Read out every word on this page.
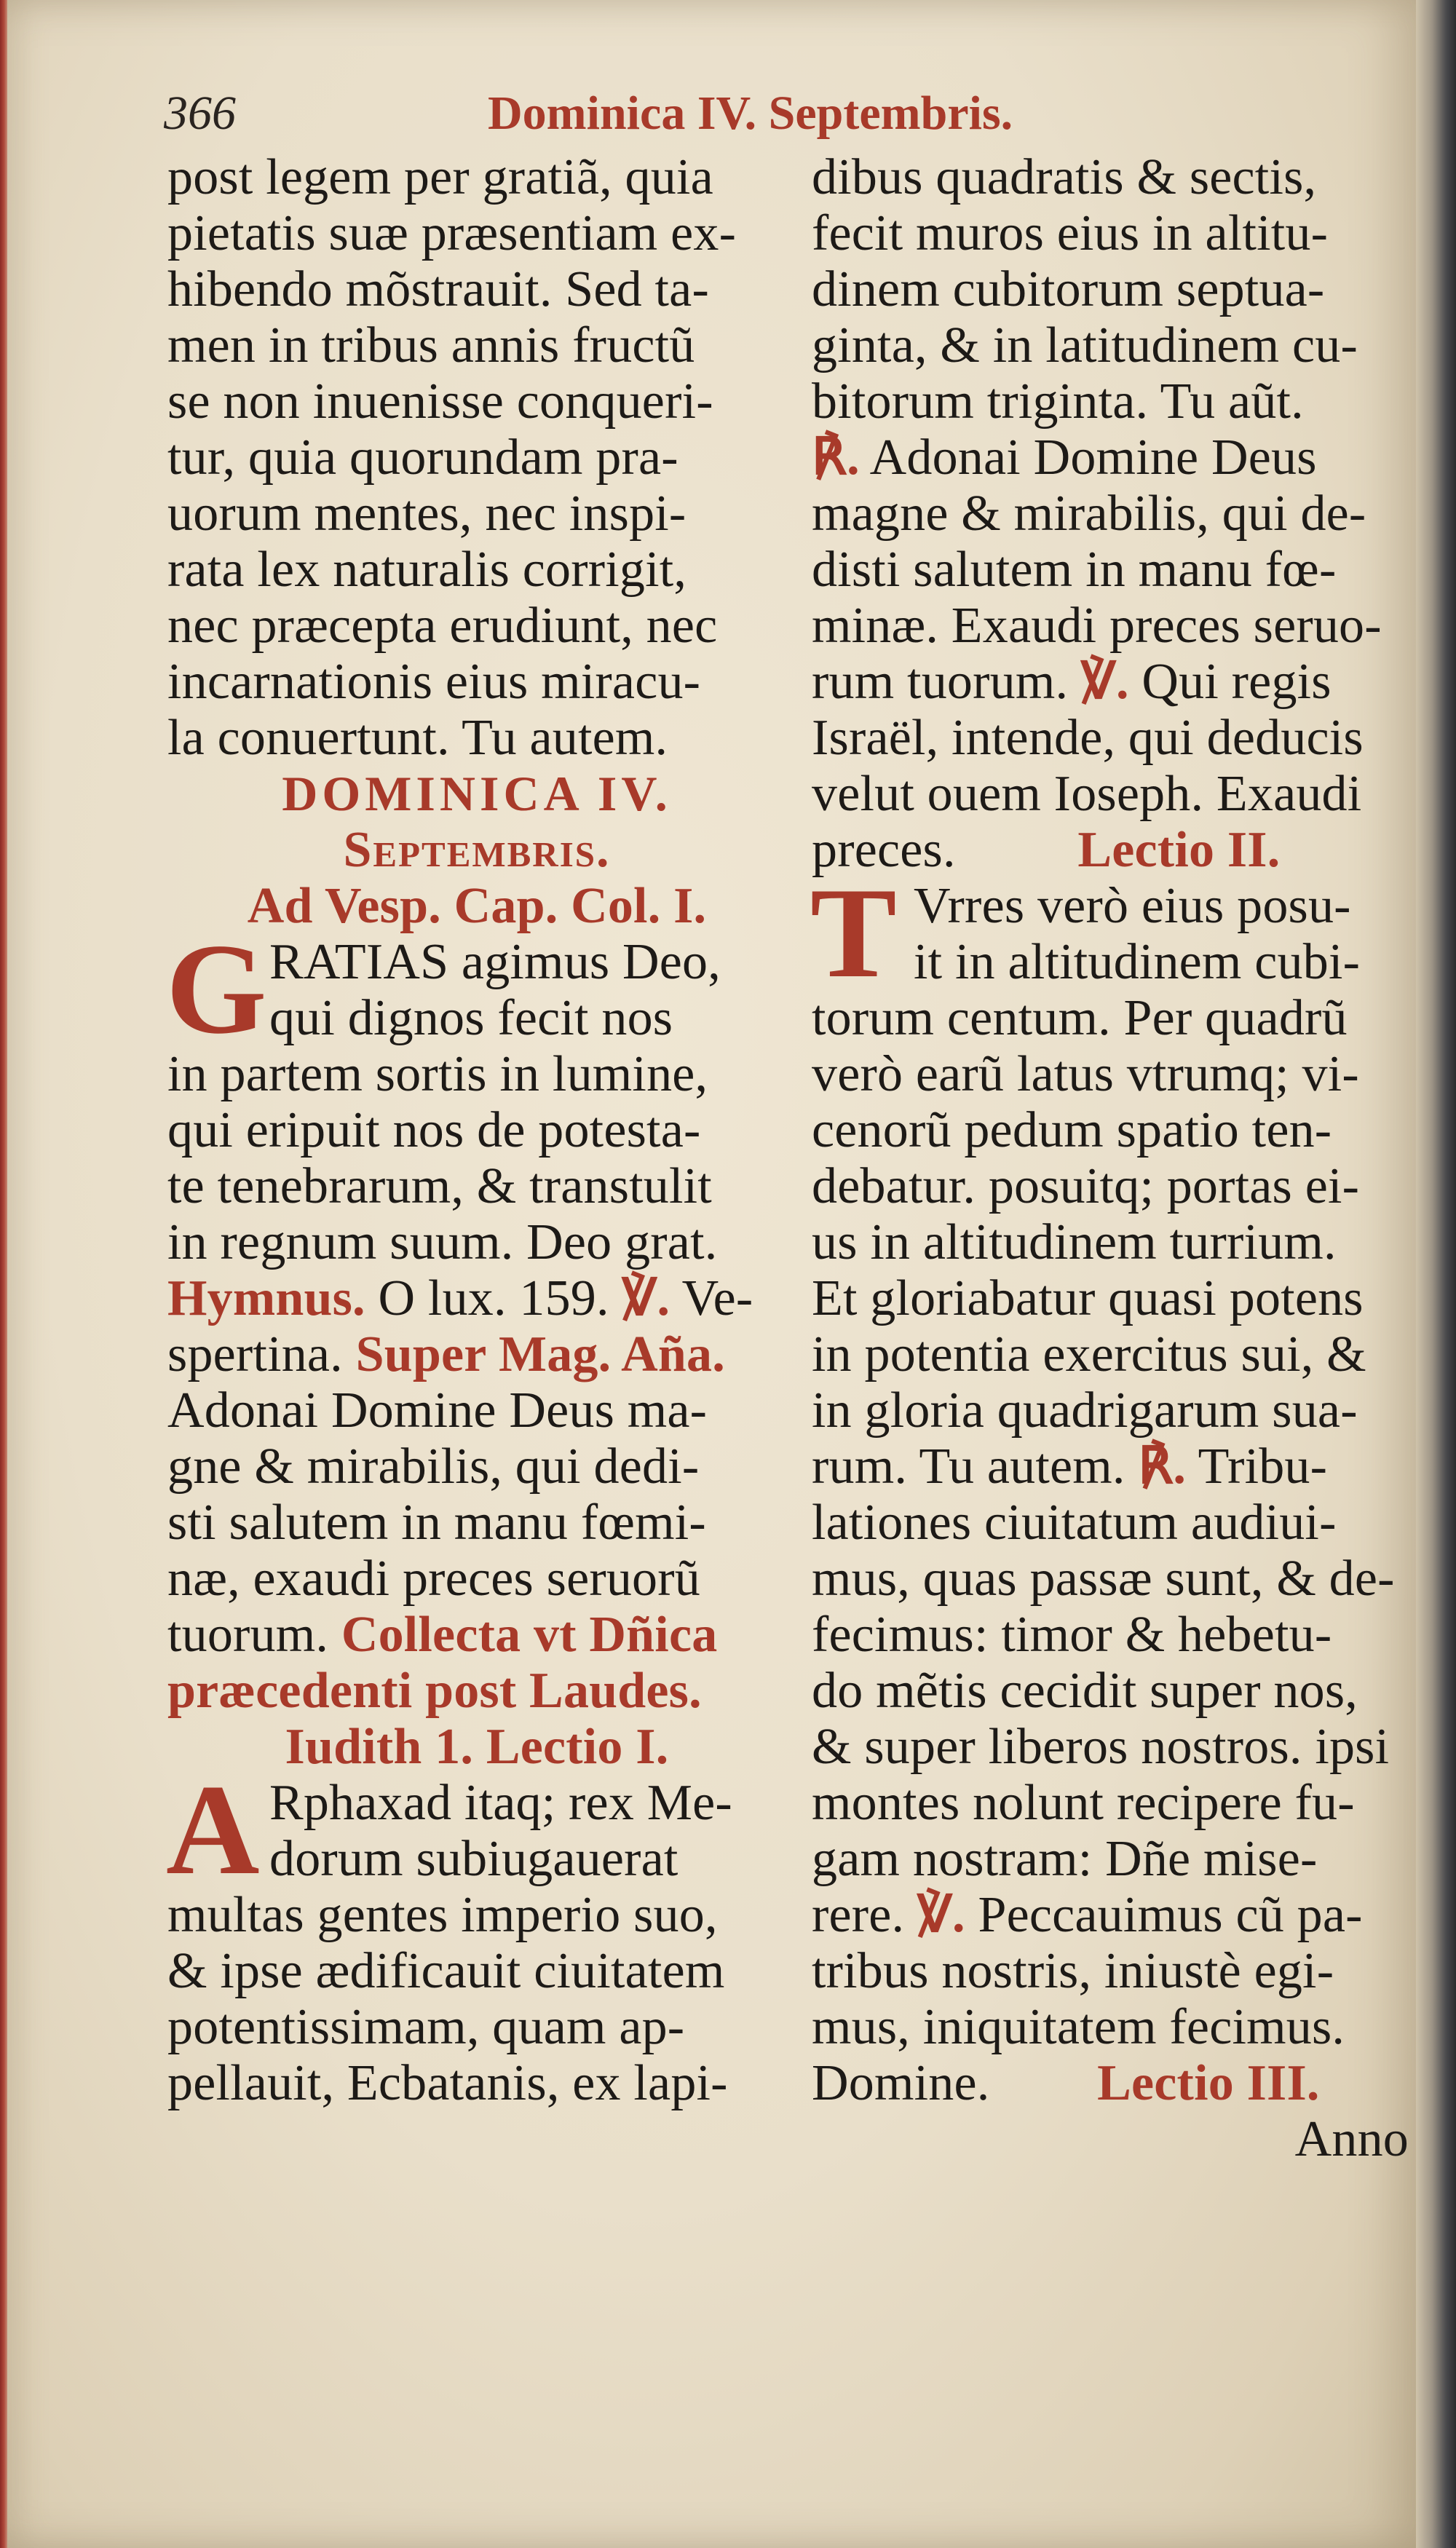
366	Dominica IV. Septembris.
post legem per gratiã, quia
pietatis suæ præsentiam ex-
hibendo mõstrauit. Sed ta-
men in tribus annis fructũ
se non inuenisse conqueri-
tur, quia quorundam pra-
uorum mentes, nec inspi-
rata lex naturalis corrigit,
nec præcepta erudiunt, nec
incarnationis eius miracu-
la conuertunt. Tu autem.
DOMINICA IV.
Septembris.
Ad Vesp. Cap. Col. I.
G RATIAS agimus Deo,
qui dignos fecit nos
in partem sortis in lumine,
qui eripuit nos de potesta-
te tenebrarum, & transtulit
in regnum suum. Deo grat.
Hymnus. O lux. 159. ℣. Ve-
spertina. Super Mag. Aña.
Adonai Domine Deus ma-
gne & mirabilis, qui dedi-
sti salutem in manu fœmi-
næ, exaudi preces seruorũ
tuorum. Collecta vt Dñica
præcedenti post Laudes.
Iudith 1. Lectio I.
A Rphaxad itaq; rex Me-
dorum subiugauerat
multas gentes imperio suo,
& ipse ædificauit ciuitatem
potentissimam, quam ap-
pellauit, Ecbatanis, ex lapi-
dibus quadratis & sectis,
fecit muros eius in altitu-
dinem cubitorum septua-
ginta, & in latitudinem cu-
bitorum triginta. Tu aũt.
℟. Adonai Domine Deus
magne & mirabilis, qui de-
disti salutem in manu fœ-
minæ. Exaudi preces seruo-
rum tuorum. ℣. Qui regis
Israël, intende, qui deducis
velut ouem Ioseph. Exaudi
preces. Lectio II.
T Vrres verò eius posu-
it in altitudinem cubi-
torum centum. Per quadrũ
verò earũ latus vtrumq; vi-
cenorũ pedum spatio ten-
debatur. posuitq; portas ei-
us in altitudinem turrium.
Et gloriabatur quasi potens
in potentia exercitus sui, &
in gloria quadrigarum sua-
rum. Tu autem. ℟. Tribu-
lationes ciuitatum audiui-
mus, quas passæ sunt, & de-
fecimus: timor & hebetu-
do mẽtis cecidit super nos,
& super liberos nostros. ipsi
montes nolunt recipere fu-
gam nostram: Dñe mise-
rere. ℣. Peccauimus cũ pa-
tribus nostris, iniustè egi-
mus, iniquitatem fecimus.
Domine. Lectio III.
Anno
